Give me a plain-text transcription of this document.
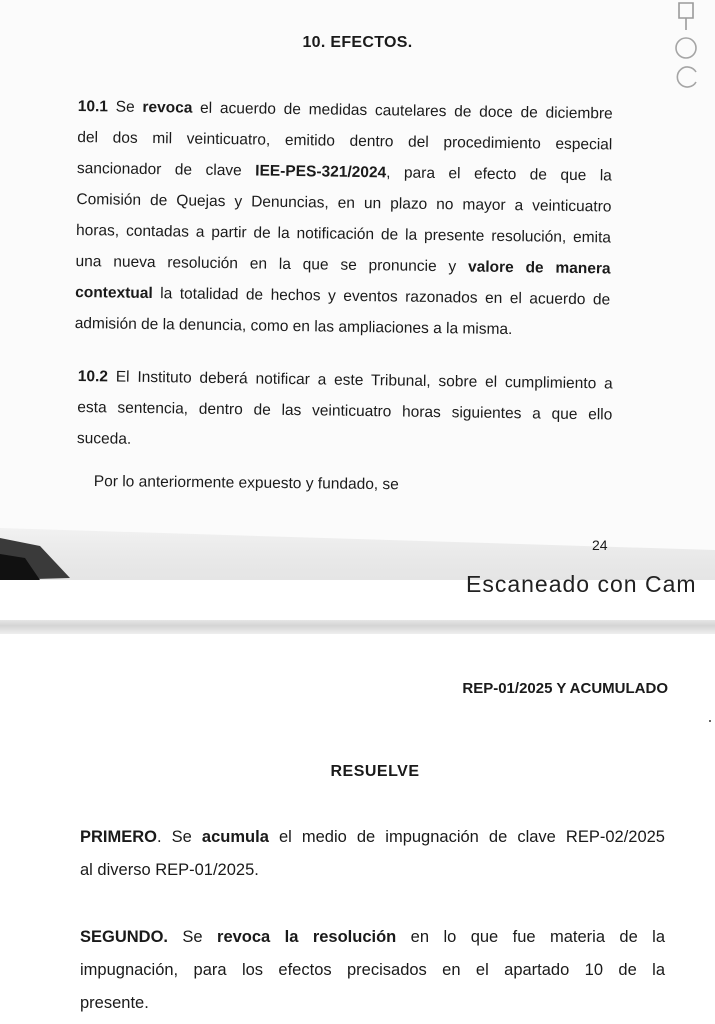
10. EFECTOS.
10.1 Se revoca el acuerdo de medidas cautelares de doce de diciembre
del dos mil veinticuatro, emitido dentro del procedimiento especial
sancionador de clave IEE-PES-321/2024, para el efecto de que la
Comisión de Quejas y Denuncias, en un plazo no mayor a veinticuatro
horas, contadas a partir de la notificación de la presente resolución, emita
una nueva resolución en la que se pronuncie y valore de manera
contextual la totalidad de hechos y eventos razonados en el acuerdo de
admisión de la denuncia, como en las ampliaciones a la misma.
10.2 El Instituto deberá notificar a este Tribunal, sobre el cumplimiento a
esta sentencia, dentro de las veinticuatro horas siguientes a que ello
suceda.
Por lo anteriormente expuesto y fundado, se
24
Escaneado con Cam
REP-01/2025 Y ACUMULADO
RESUELVE
PRIMERO. Se acumula el medio de impugnación de clave REP-02/2025
al diverso REP-01/2025.
SEGUNDO. Se revoca la resolución en lo que fue materia de la
impugnación, para los efectos precisados en el apartado 10 de la
presente.
